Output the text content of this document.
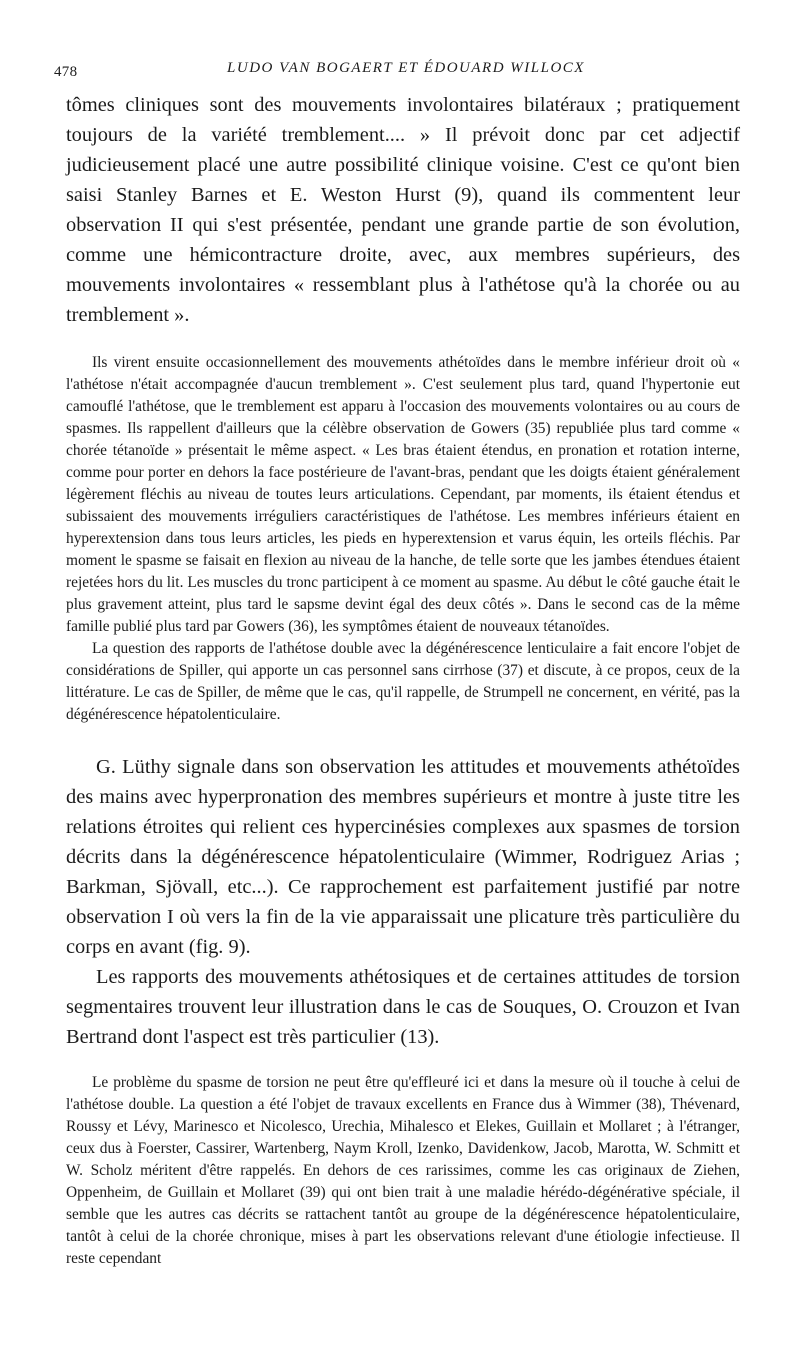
478	LUDO VAN BOGAERT ET ÉDOUARD WILLOCX

tômes cliniques sont des mouvements involontaires bilatéraux ; pratiquement toujours de la variété tremblement.... » Il prévoit donc par cet adjectif judicieusement placé une autre possibilité clinique voisine. C'est ce qu'ont bien saisi Stanley Barnes et E. Weston Hurst (9), quand ils commentent leur observation II qui s'est présentée, pendant une grande partie de son évolution, comme une hémicontracture droite, avec, aux membres supérieurs, des mouvements involontaires « ressemblant plus à l'athétose qu'à la chorée ou au tremblement ».

Ils virent ensuite occasionnellement des mouvements athétoïdes dans le membre inférieur droit où « l'athétose n'était accompagnée d'aucun tremblement ». C'est seulement plus tard, quand l'hypertonie eut camouflé l'athétose, que le tremblement est apparu à l'occasion des mouvements volontaires ou au cours de spasmes. Ils rappellent d'ailleurs que la célèbre observation de Gowers (35) republiée plus tard comme « chorée tétanoïde » présentait le même aspect. « Les bras étaient étendus, en pronation et rotation interne, comme pour porter en dehors la face postérieure de l'avant-bras, pendant que les doigts étaient généralement légèrement fléchis au niveau de toutes leurs articulations. Cependant, par moments, ils étaient étendus et subissaient des mouvements irréguliers caractéristiques de l'athétose. Les membres inférieurs étaient en hyperextension dans tous leurs articles, les pieds en hyperextension et varus équin, les orteils fléchis. Par moment le spasme se faisait en flexion au niveau de la hanche, de telle sorte que les jambes étendues étaient rejetées hors du lit. Les muscles du tronc participent à ce moment au spasme. Au début le côté gauche était le plus gravement atteint, plus tard le sapsme devint égal des deux côtés ». Dans le second cas de la même famille publié plus tard par Gowers (36), les symptômes étaient de nouveaux tétanoïdes.

La question des rapports de l'athétose double avec la dégénérescence lenticulaire a fait encore l'objet de considérations de Spiller, qui apporte un cas personnel sans cirrhose (37) et discute, à ce propos, ceux de la littérature. Le cas de Spiller, de même que le cas, qu'il rappelle, de Strumpell ne concernent, en vérité, pas la dégénérescence hépatolenticulaire.

G. Lüthy signale dans son observation les attitudes et mouvements athétoïdes des mains avec hyperpronation des membres supérieurs et montre à juste titre les relations étroites qui relient ces hypercinésies complexes aux spasmes de torsion décrits dans la dégénérescence hépatolenticulaire (Wimmer, Rodriguez Arias ; Barkman, Sjövall, etc...). Ce rapprochement est parfaitement justifié par notre observation I où vers la fin de la vie apparaissait une plicature très particulière du corps en avant (fig. 9).

Les rapports des mouvements athétosiques et de certaines attitudes de torsion segmentaires trouvent leur illustration dans le cas de Souques, O. Crouzon et Ivan Bertrand dont l'aspect est très particulier (13).

Le problème du spasme de torsion ne peut être qu'effleuré ici et dans la mesure où il touche à celui de l'athétose double. La question a été l'objet de travaux excellents en France dus à Wimmer (38), Thévenard, Roussy et Lévy, Marinesco et Nicolesco, Urechia, Mihalesco et Elekes, Guillain et Mollaret ; à l'étranger, ceux dus à Foerster, Cassirer, Wartenberg, Naym Kroll, Izenko, Davidenkow, Jacob, Marotta, W. Schmitt et W. Scholz méritent d'être rappelés. En dehors de ces rarissimes, comme les cas originaux de Ziehen, Oppenheim, de Guillain et Mollaret (39) qui ont bien trait à une maladie hérédo-dégénérative spéciale, il semble que les autres cas décrits se rattachent tantôt au groupe de la dégénérescence hépatolenticulaire, tantôt à celui de la chorée chronique, mises à part les observations relevant d'une étiologie infectieuse. Il reste cependant
